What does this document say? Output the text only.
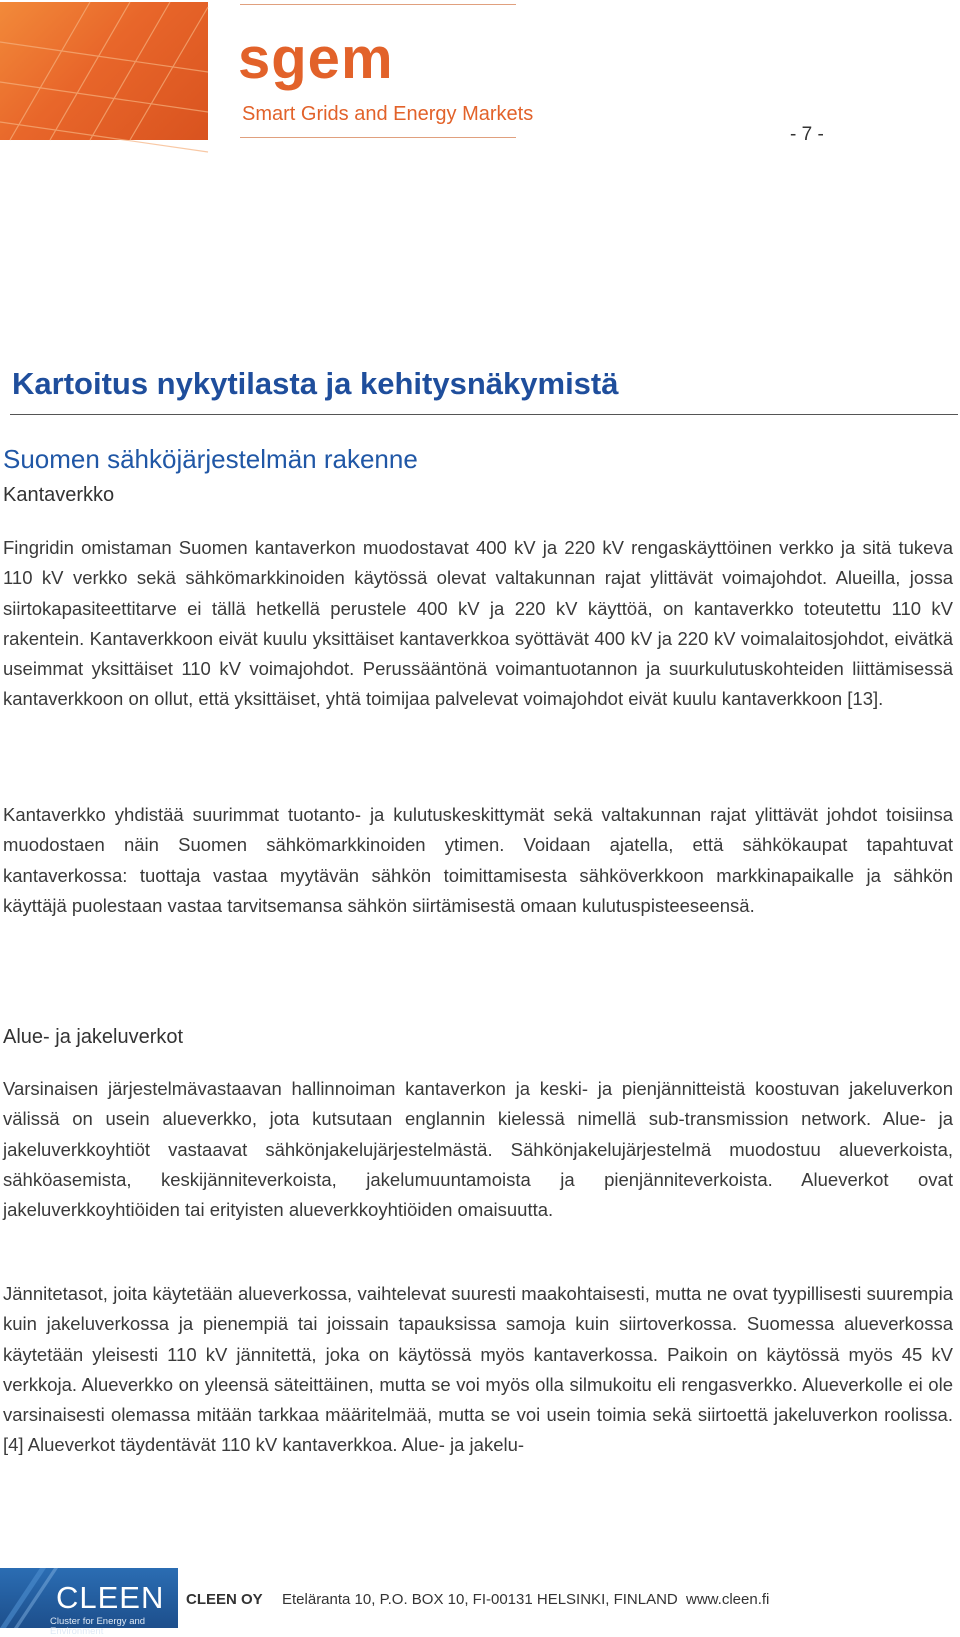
sgem
Smart Grids and Energy Markets
- 7 -
Kartoitus nykytilasta ja kehitysnäkymistä
Suomen sähköjärjestelmän rakenne
Kantaverkko

Fingridin omistaman Suomen kantaverkon muodostavat 400 kV ja 220 kV rengaskäyttöinen verkko ja sitä tukeva 110 kV verkko sekä sähkömarkkinoiden käytössä olevat valtakunnan rajat ylittävät voimajohdot. Alueilla, jossa siirtokapasiteettitarve ei tällä hetkellä perustele 400 kV ja 220 kV käyttöä, on kantaverkko toteutettu 110 kV rakentein. Kantaverkkoon eivät kuulu yksittäiset kantaverkkoa syöttävät 400 kV ja 220 kV voimalaitosjohdot, eivätkä useimmat yksittäiset 110 kV voimajohdot. Perussääntönä voimantuotannon ja suurkulutuskohteiden liittämisessä kantaverkkoon on ollut, että yksittäiset, yhtä toimijaa palvelevat voimajohdot eivät kuulu kantaverkkoon [13].

Kantaverkko yhdistää suurimmat tuotanto- ja kulutuskeskittymät sekä valtakunnan rajat ylittävät johdot toisiinsa muodostaen näin Suomen sähkömarkkinoiden ytimen. Voidaan ajatella, että sähkökaupat tapahtuvat kantaverkossa: tuottaja vastaa myytävän sähkön toimittamisesta sähköverkkoon markkinapaikalle ja sähkön käyttäjä puolestaan vastaa tarvitsemansa sähkön siirtämisestä omaan kulutuspisteeseensä.

Alue- ja jakeluverkot

Varsinaisen järjestelmävastaavan hallinnoiman kantaverkon ja keski- ja pienjännitteistä koostuvan jakeluverkon välissä on usein alueverkko, jota kutsutaan englannin kielessä nimellä sub-transmission network. Alue- ja jakeluverkkoyhtiöt vastaavat sähkönjakelujärjestelmästä. Sähkönjakelujärjestelmä muodostuu alueverkoista, sähköasemista, keskijänniteverkoista, jakelumuuntamoista ja pienjänniteverkoista. Alueverkot ovat jakeluverkkoyhtiöiden tai erityisten alueverkkoyhtiöiden omaisuutta.

Jännitetasot, joita käytetään alueverkossa, vaihtelevat suuresti maakohtaisesti, mutta ne ovat tyypillisesti suurempia kuin jakeluverkossa ja pienempiä tai joissain tapauksissa samoja kuin siirtoverkossa. Suomessa alueverkossa käytetään yleisesti 110 kV jännitettä, joka on käytössä myös kantaverkossa. Paikoin on käytössä myös 45 kV verkkoja. Alueverkko on yleensä säteittäinen, mutta se voi myös olla silmukoitu eli rengasverkko. Alueverkolle ei ole varsinaisesti olemassa mitään tarkkaa määritelmää, mutta se voi usein toimia sekä siirtoettä jakeluverkon roolissa. [4] Alueverkot täydentävät 110 kV kantaverkkoa. Alue- ja jakelu-

CLEEN
Cluster for Energy and Environment
CLEEN OY Eteläranta 10, P.O. BOX 10, FI-00131 HELSINKI, FINLAND www.cleen.fi
